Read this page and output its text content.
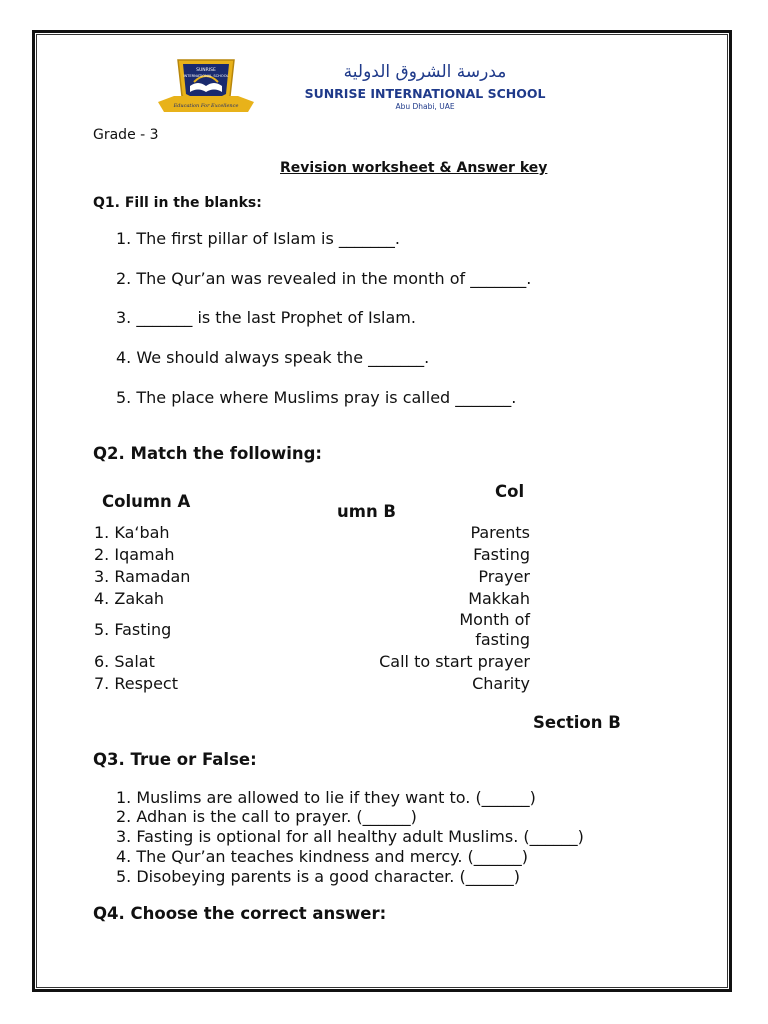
SUNRISE
INTERNATIONAL SCHOOL
Education For Excellence
مدرسة الشروق الدولية
SUNRISE INTERNATIONAL SCHOOL
Abu Dhabi, UAE
Grade - 3
Revision worksheet & Answer key
Q1. Fill in the blanks:
1. The first pillar of Islam is _______.
2. The Qur’an was revealed in the month of _______.
3. _______ is the last Prophet of Islam.
4. We should always speak the _______.
5. The place where Muslims pray is called _______.
Q2. Match the following:
Column A
Col
umn B
1. Ka‘bah
2. Iqamah
3. Ramadan
4. Zakah
5. Fasting
6. Salat
7. Respect
Parents
Fasting
Prayer
Makkah
Month of
fasting
Call to start prayer
Charity
Section B
Q3. True or False:
1. Muslims are allowed to lie if they want to. (______)
2. Adhan is the call to prayer. (______)
3. Fasting is optional for all healthy adult Muslims. (______)
4. The Qur’an teaches kindness and mercy. (______)
5. Disobeying parents is a good character. (______)
Q4. Choose the correct answer:
